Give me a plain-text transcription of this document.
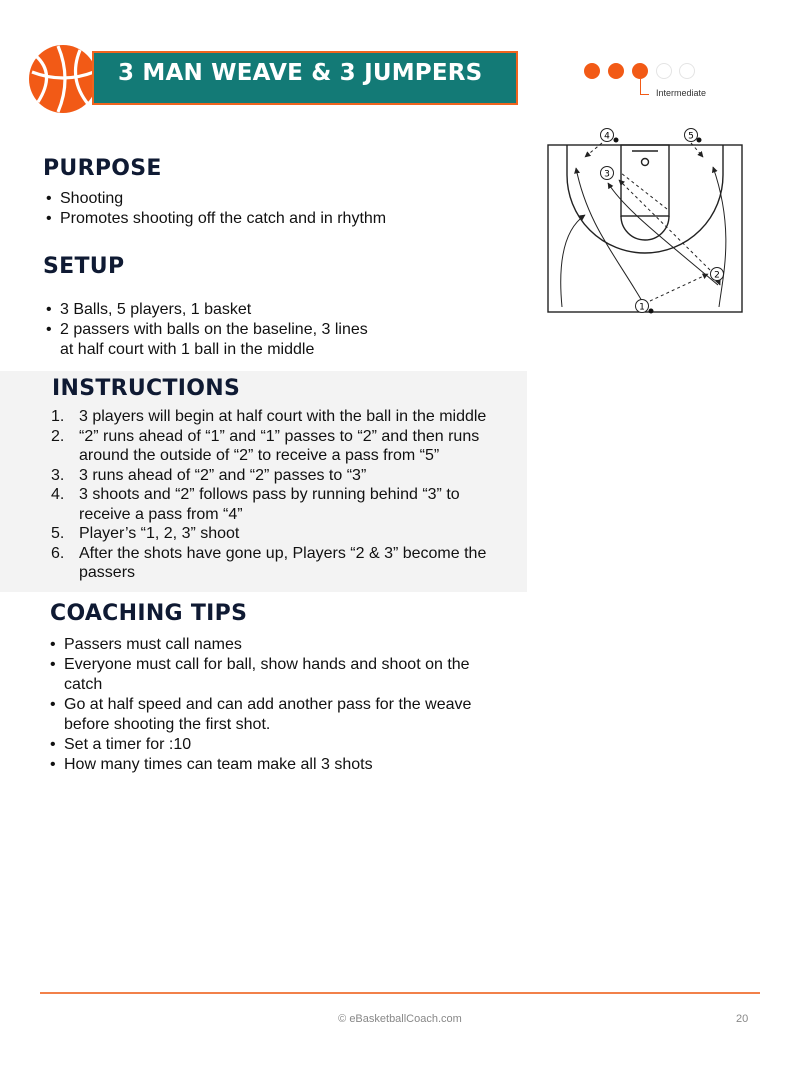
3 MAN WEAVE & 3 JUMPERS
Intermediate
4	5
3
2
1
PURPOSE
• Shooting
• Promotes shooting off the catch and in rhythm
SETUP
• 3 Balls, 5 players, 1 basket
• 2 passers with balls on the baseline, 3 lines at half court with 1 ball in the middle
INSTRUCTIONS
1. 3 players will begin at half court with the ball in the middle
2. “2” runs ahead of “1” and “1” passes to “2” and then runs around the outside of “2” to receive a pass from “5”
3. 3 runs ahead of “2” and “2” passes to “3”
4. 3 shoots and “2” follows pass by running behind “3” to receive a pass from “4”
5. Player’s “1, 2, 3” shoot
6. After the shots have gone up, Players “2 & 3” become the passers
COACHING TIPS
• Passers must call names
• Everyone must call for ball, show hands and shoot on the catch
• Go at half speed and can add another pass for the weave before shooting the first shot.
• Set a timer for :10
• How many times can team make all 3 shots
© eBasketballCoach.com	20
